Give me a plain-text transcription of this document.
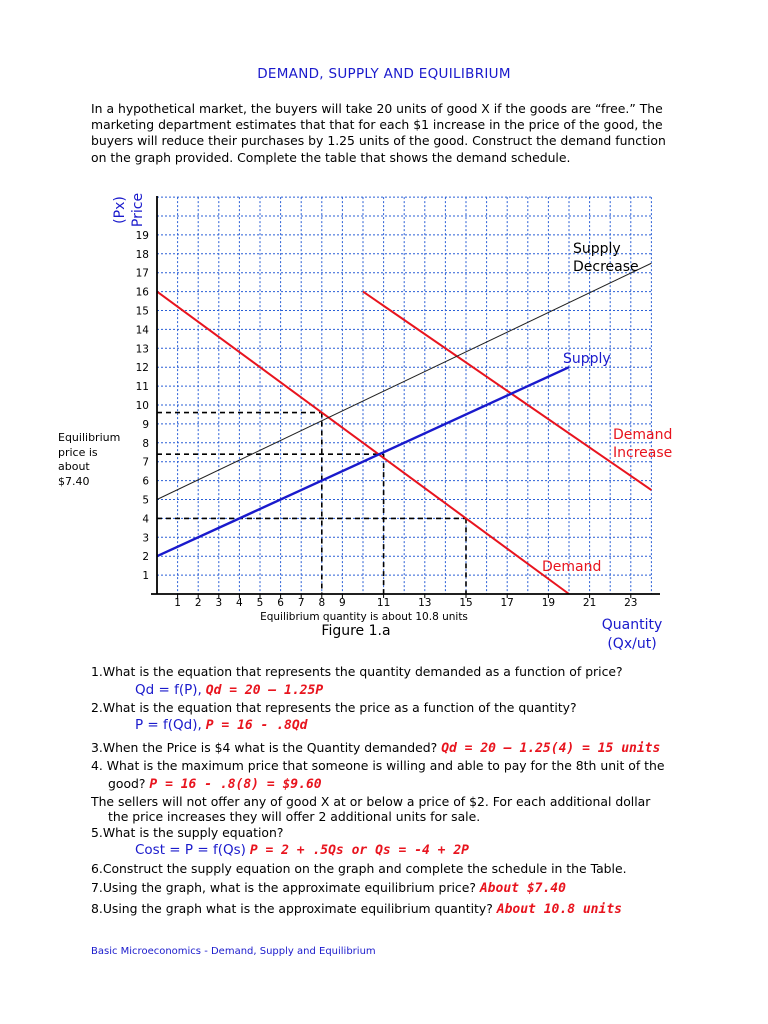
DEMAND, SUPPLY AND EQUILIBRIUM
In a hypothetical market, the buyers will take 20 units of good X if the goods are “free.” The
marketing department estimates that that for each $1 increase in the price of the good, the
buyers will reduce their purchases by 1.25 units of the good. Construct the demand function
on the graph provided. Complete the table that shows the demand schedule.
1
2
3
4
5
6
7
8
9
10
11
12
13
14
15
16
17
18
19
1 2 3 4 5 6 7 8 9	11	13	15	17	19	21	23
(Px) Price
Supply
Decrease
Supply
Demand
Increase
Demand
Equilibrium quantity is about 10.8 units
Figure 1.a	Quantity
(Qx/ut)
Equilibrium
price is
about
$7.40
1.What is the equation that represents the quantity demanded as a function of price?
Qd = f(P), Qd = 20 – 1.25P
2.What is the equation that represents the price as a function of the quantity?
P = f(Qd), P = 16 - .8Qd
3.When the Price is $4 what is the Quantity demanded? Qd = 20 – 1.25(4) = 15 units
4. What is the maximum price that someone is willing and able to pay for the 8th unit of the
good? P = 16 - .8(8) = $9.60
The sellers will not offer any of good X at or below a price of $2. For each additional dollar
the price increases they will offer 2 additional units for sale.
5.What is the supply equation?
Cost = P = f(Qs) P = 2 + .5Qs or Qs = -4 + 2P
6.Construct the supply equation on the graph and complete the schedule in the Table.
7.Using the graph, what is the approximate equilibrium price? About $7.40
8.Using the graph what is the approximate equilibrium quantity? About 10.8 units
Basic Microeconomics - Demand, Supply and Equilibrium
